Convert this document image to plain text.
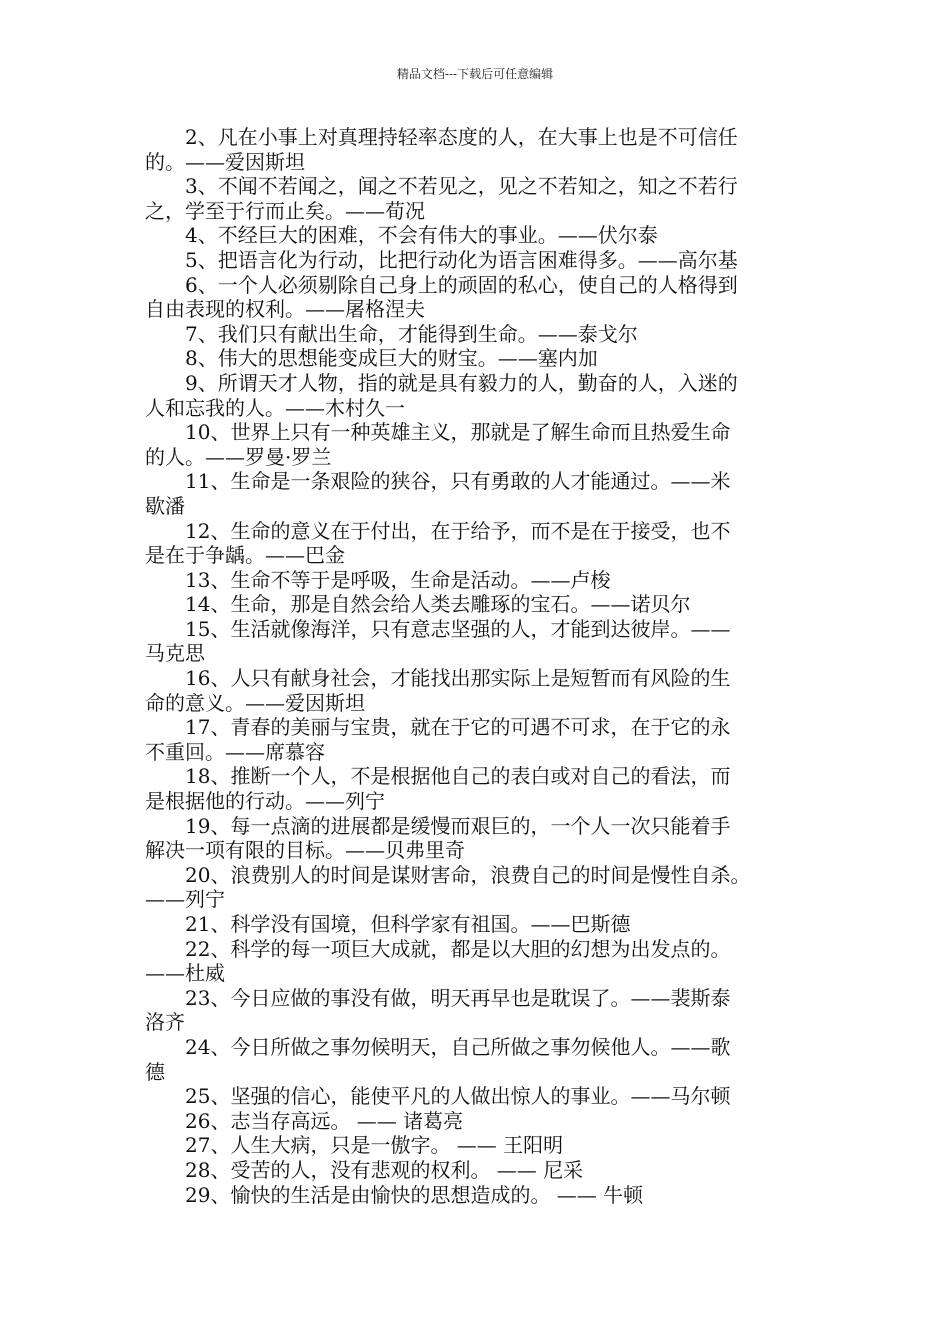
精品文档---下载后可任意编辑

2、凡在小事上对真理持轻率态度的人，在大事上也是不可信任
的。——爱因斯坦

3、不闻不若闻之，闻之不若见之，见之不若知之，知之不若行
之，学至于行而止矣。——荀况

4、不经巨大的困难，不会有伟大的事业。——伏尔泰

5、把语言化为行动，比把行动化为语言困难得多。——高尔基

6、一个人必须剔除自己身上的顽固的私心，使自己的人格得到
自由表现的权利。——屠格涅夫

7、我们只有献出生命，才能得到生命。——泰戈尔

8、伟大的思想能变成巨大的财宝。——塞内加

9、所谓天才人物，指的就是具有毅力的人，勤奋的人，入迷的
人和忘我的人。——木村久一

10、世界上只有一种英雄主义，那就是了解生命而且热爱生命
的人。——罗曼·罗兰

11、生命是一条艰险的狭谷，只有勇敢的人才能通过。——米
歇潘

12、生命的意义在于付出，在于给予，而不是在于接受，也不
是在于争龋。——巴金

13、生命不等于是呼吸，生命是活动。——卢梭

14、生命，那是自然会给人类去雕琢的宝石。——诺贝尔

15、生活就像海洋，只有意志坚强的人，才能到达彼岸。——
马克思

16、人只有献身社会，才能找出那实际上是短暂而有风险的生
命的意义。——爱因斯坦

17、青春的美丽与宝贵，就在于它的可遇不可求，在于它的永
不重回。——席慕容

18、推断一个人，不是根据他自己的表白或对自己的看法，而
是根据他的行动。——列宁

19、每一点滴的进展都是缓慢而艰巨的，一个人一次只能着手
解决一项有限的目标。——贝弗里奇

20、浪费别人的时间是谋财害命，浪费自己的时间是慢性自杀。
——列宁

21、科学没有国境，但科学家有祖国。——巴斯德

22、科学的每一项巨大成就，都是以大胆的幻想为出发点的。
——杜威

23、今日应做的事没有做，明天再早也是耽误了。——裴斯泰
洛齐

24、今日所做之事勿候明天，自己所做之事勿候他人。——歌
德

25、坚强的信心，能使平凡的人做出惊人的事业。——马尔顿

26、志当存高远。 —— 诸葛亮

27、人生大病，只是一傲字。 —— 王阳明

28、受苦的人，没有悲观的权利。 —— 尼采

29、愉快的生活是由愉快的思想造成的。 —— 牛顿
